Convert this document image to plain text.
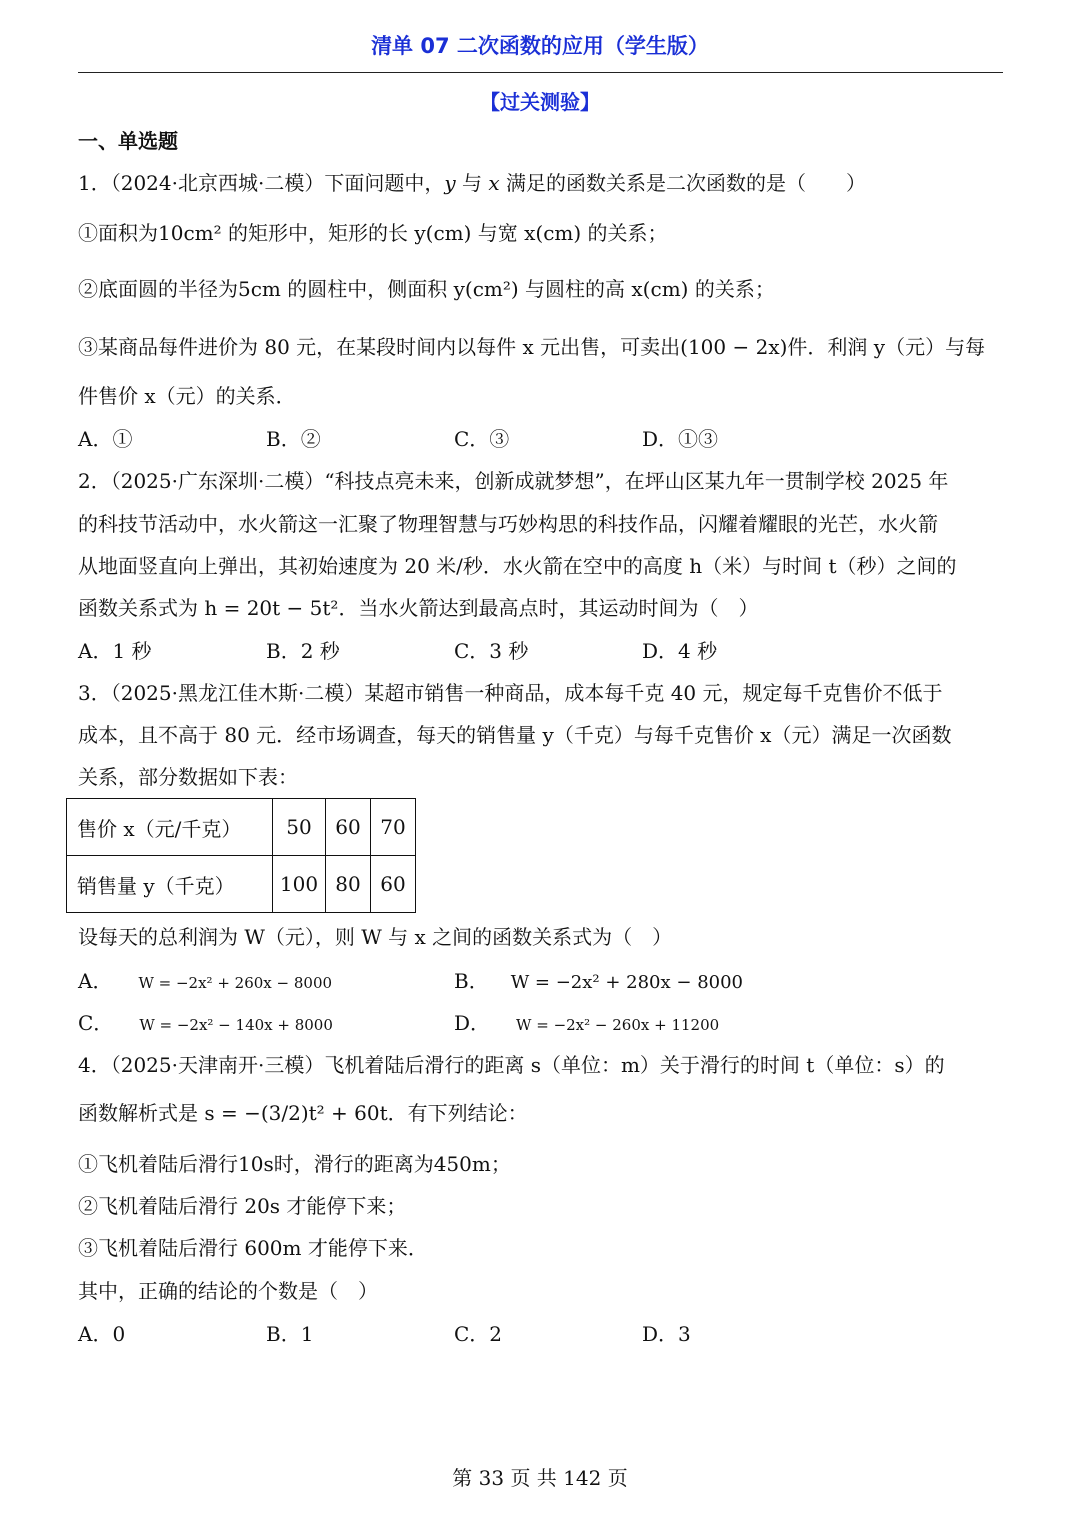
清单 07 二次函数的应用（学生版）
【过关测验】
一、单选题
1．（2024·北京西城·二模）下面问题中，y 与 x 满足的函数关系是二次函数的是（　　）
①面积为10cm² 的矩形中，矩形的长 y(cm) 与宽 x(cm) 的关系；
②底面圆的半径为5cm 的圆柱中，侧面积 y(cm²) 与圆柱的高 x(cm) 的关系；
③某商品每件进价为 80 元，在某段时间内以每件 x 元出售，可卖出(100 − 2x)件．利润 y（元）与每
件售价 x（元）的关系．
A．①	B．②	C．③	D．①③
2．（2025·广东深圳·二模）“科技点亮未来，创新成就梦想”，在坪山区某九年一贯制学校 2025 年
的科技节活动中，水火箭这一汇聚了物理智慧与巧妙构思的科技作品，闪耀着耀眼的光芒，水火箭
从地面竖直向上弹出，其初始速度为 20 米/秒．水火箭在空中的高度 h（米）与时间 t（秒）之间的
函数关系式为 h = 20t − 5t²．当水火箭达到最高点时，其运动时间为（　）
A．1 秒	B．2 秒	C．3 秒	D．4 秒
3．（2025·黑龙江佳木斯·二模）某超市销售一种商品，成本每千克 40 元，规定每千克售价不低于
成本，且不高于 80 元．经市场调查，每天的销售量 y（千克）与每千克售价 x（元）满足一次函数
关系，部分数据如下表：
售价 x（元/千克）	50	60	70
销售量 y（千克）	100	80	60
设每天的总利润为 W（元），则 W 与 x 之间的函数关系式为（　）
A． W = −2x² + 260x − 8000	B． W = −2x² + 280x − 8000
C． W = −2x² − 140x + 8000	D． W = −2x² − 260x + 11200
4．（2025·天津南开·三模）飞机着陆后滑行的距离 s（单位：m）关于滑行的时间 t（单位：s）的
函数解析式是 s = −(3/2)t² + 60t．有下列结论：
①飞机着陆后滑行10s时，滑行的距离为450m；
②飞机着陆后滑行 20s 才能停下来；
③飞机着陆后滑行 600m 才能停下来．
其中，正确的结论的个数是（　）
A．0	B．1	C．2	D．3
第 33 页 共 142 页
